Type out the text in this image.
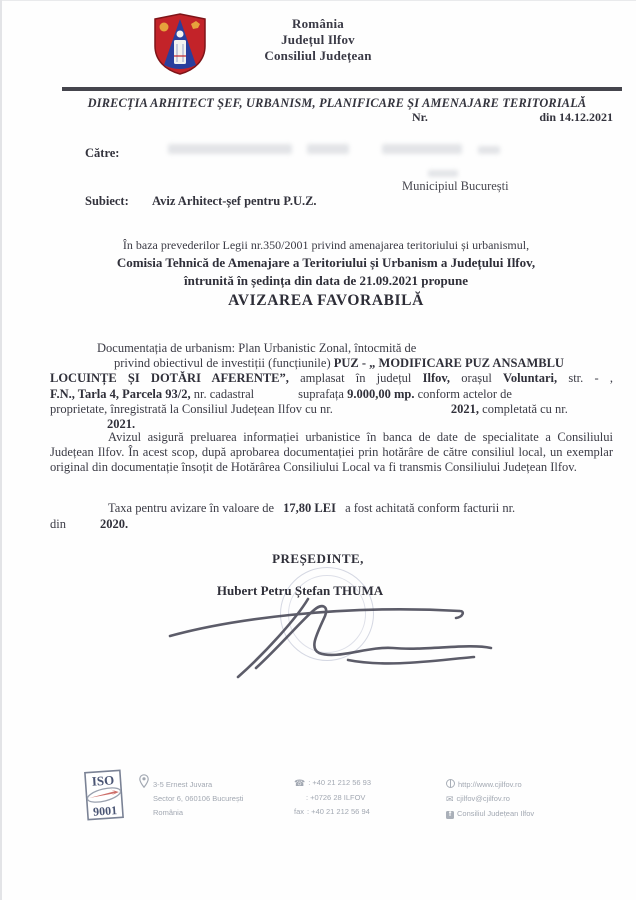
România
Județul Ilfov
Consiliul Județean
DIRECȚIA ARHITECT ȘEF, URBANISM, PLANIFICARE ȘI AMENAJARE TERITORIALĂ
Nr.	din 14.12.2021
Către:
Municipiul București
Subiect: Aviz Arhitect-șef pentru P.U.Z.
În baza prevederilor Legii nr.350/2001 privind amenajarea teritoriului și urbanismul,
Comisia Tehnică de Amenajare a Teritoriului și Urbanism a Județului Ilfov,
întrunită în ședința din data de 21.09.2021 propune
AVIZAREA FAVORABILĂ
Documentația de urbanism: Plan Urbanistic Zonal, întocmită de
privind obiectivul de investiții (funcțiunile) PUZ - „ MODIFICARE PUZ ANSAMBLU
LOCUINȚE ȘI DOTĂRI AFERENTE”, amplasat în județul Ilfov, orașul Voluntari, str. - ,
F.N., Tarla 4, Parcela 93/2, nr. cadastral	suprafața 9.000,00 mp. conform actelor de
proprietate, înregistrată la Consiliul Județean Ilfov cu nr.	2021, completată cu nr.
2021.
Avizul asigură preluarea informației urbanistice în banca de date de specialitate a Consiliului Județean Ilfov. În acest scop, după aprobarea documentației prin hotărâre de către consiliul local, un exemplar original din documentație însoțit de Hotărârea Consiliului Local va fi transmis Consiliului Județean Ilfov.
Taxa pentru avizare în valoare de 17,80 LEI a fost achitată conform facturii nr.
din	2020.
PREȘEDINTE,
Hubert Petru Ștefan THUMA
ISO
9001
3-5 Ernest Juvara
Sector 6, 060106 București
România
☎ : +40 21 212 56 93
: +0726 28 ILFOV
fax : +40 21 212 56 94
http://www.cjilfov.ro
✉ cjilfov@cjilfov.ro
f Consiliul Județean Ilfov
